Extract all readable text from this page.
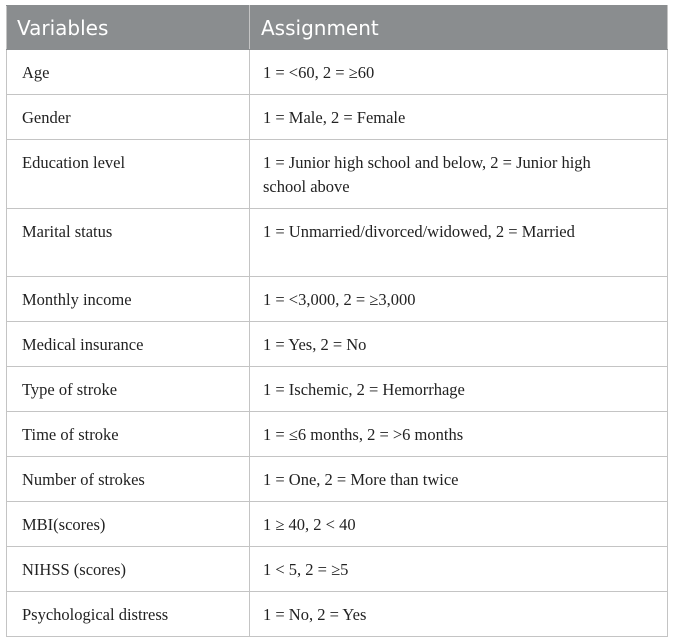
Variables	Assignment
Age	1 = <60, 2 = ≥60
Gender	1 = Male, 2 = Female
Education level	1 = Junior high school and below, 2 = Junior high school above
Marital status	1 = Unmarried/divorced/widowed, 2 = Married
Monthly income	1 = <3,000, 2 = ≥3,000
Medical insurance	1 = Yes, 2 = No
Type of stroke	1 = Ischemic, 2 = Hemorrhage
Time of stroke	1 = ≤6 months, 2 = >6 months
Number of strokes	1 = One, 2 = More than twice
MBI(scores)	1 ≥ 40, 2 < 40
NIHSS (scores)	1 < 5, 2 = ≥5
Psychological distress	1 = No, 2 = Yes
